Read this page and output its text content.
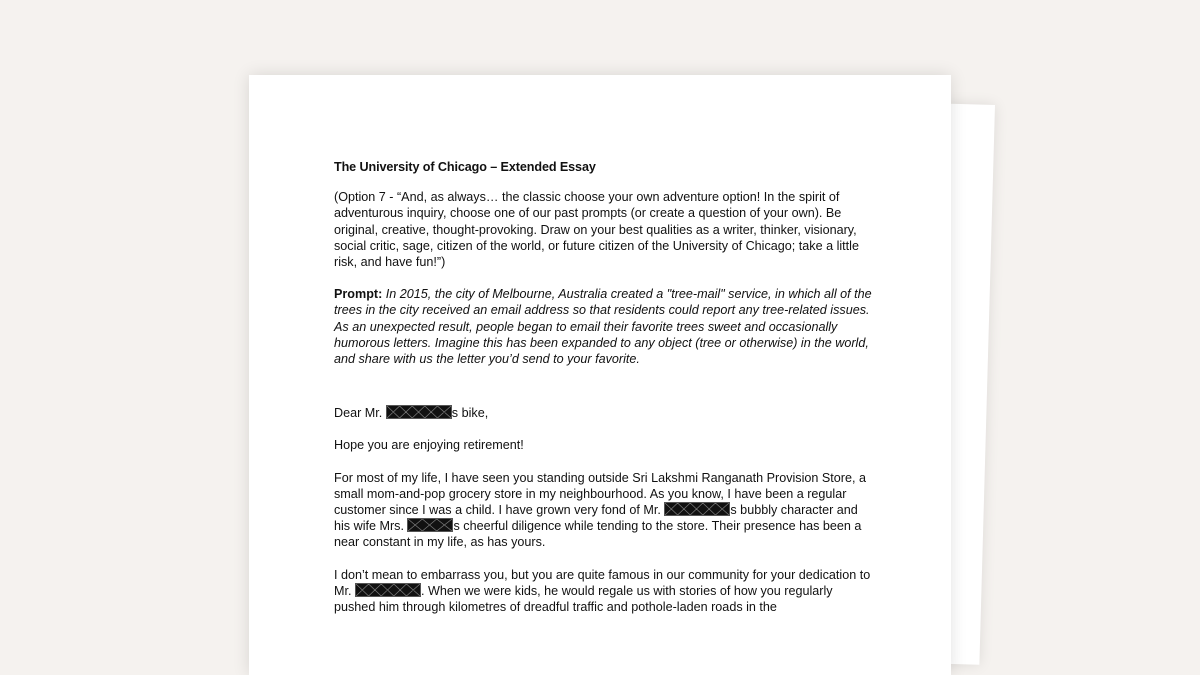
The University of Chicago – Extended Essay

(Option 7 - “And, as always… the classic choose your own adventure option! In the spirit of adventurous inquiry, choose one of our past prompts (or create a question of your own). Be original, creative, thought-provoking. Draw on your best qualities as a writer, thinker, visionary, social critic, sage, citizen of the world, or future citizen of the University of Chicago; take a little risk, and have fun!”)

Prompt: In 2015, the city of Melbourne, Australia created a "tree-mail" service, in which all of the trees in the city received an email address so that residents could report any tree-related issues. As an unexpected result, people began to email their favorite trees sweet and occasionally humorous letters. Imagine this has been expanded to any object (tree or otherwise) in the world, and share with us the letter you’d send to your favorite.

Dear Mr.	s bike,

Hope you are enjoying retirement!

For most of my life, I have seen you standing outside Sri Lakshmi Ranganath Provision Store, a small mom-and-pop grocery store in my neighbourhood. As you know, I have been a regular customer since I was a child. I have grown very fond of Mr.	s bubbly character and his wife Mrs.	s cheerful diligence while tending to the store. Their presence has been a near constant in my life, as has yours.

I don’t mean to embarrass you, but you are quite famous in our community for your dedication to Mr.	. When we were kids, he would regale us with stories of how you regularly pushed him through kilometres of dreadful traffic and pothole-laden roads in the
